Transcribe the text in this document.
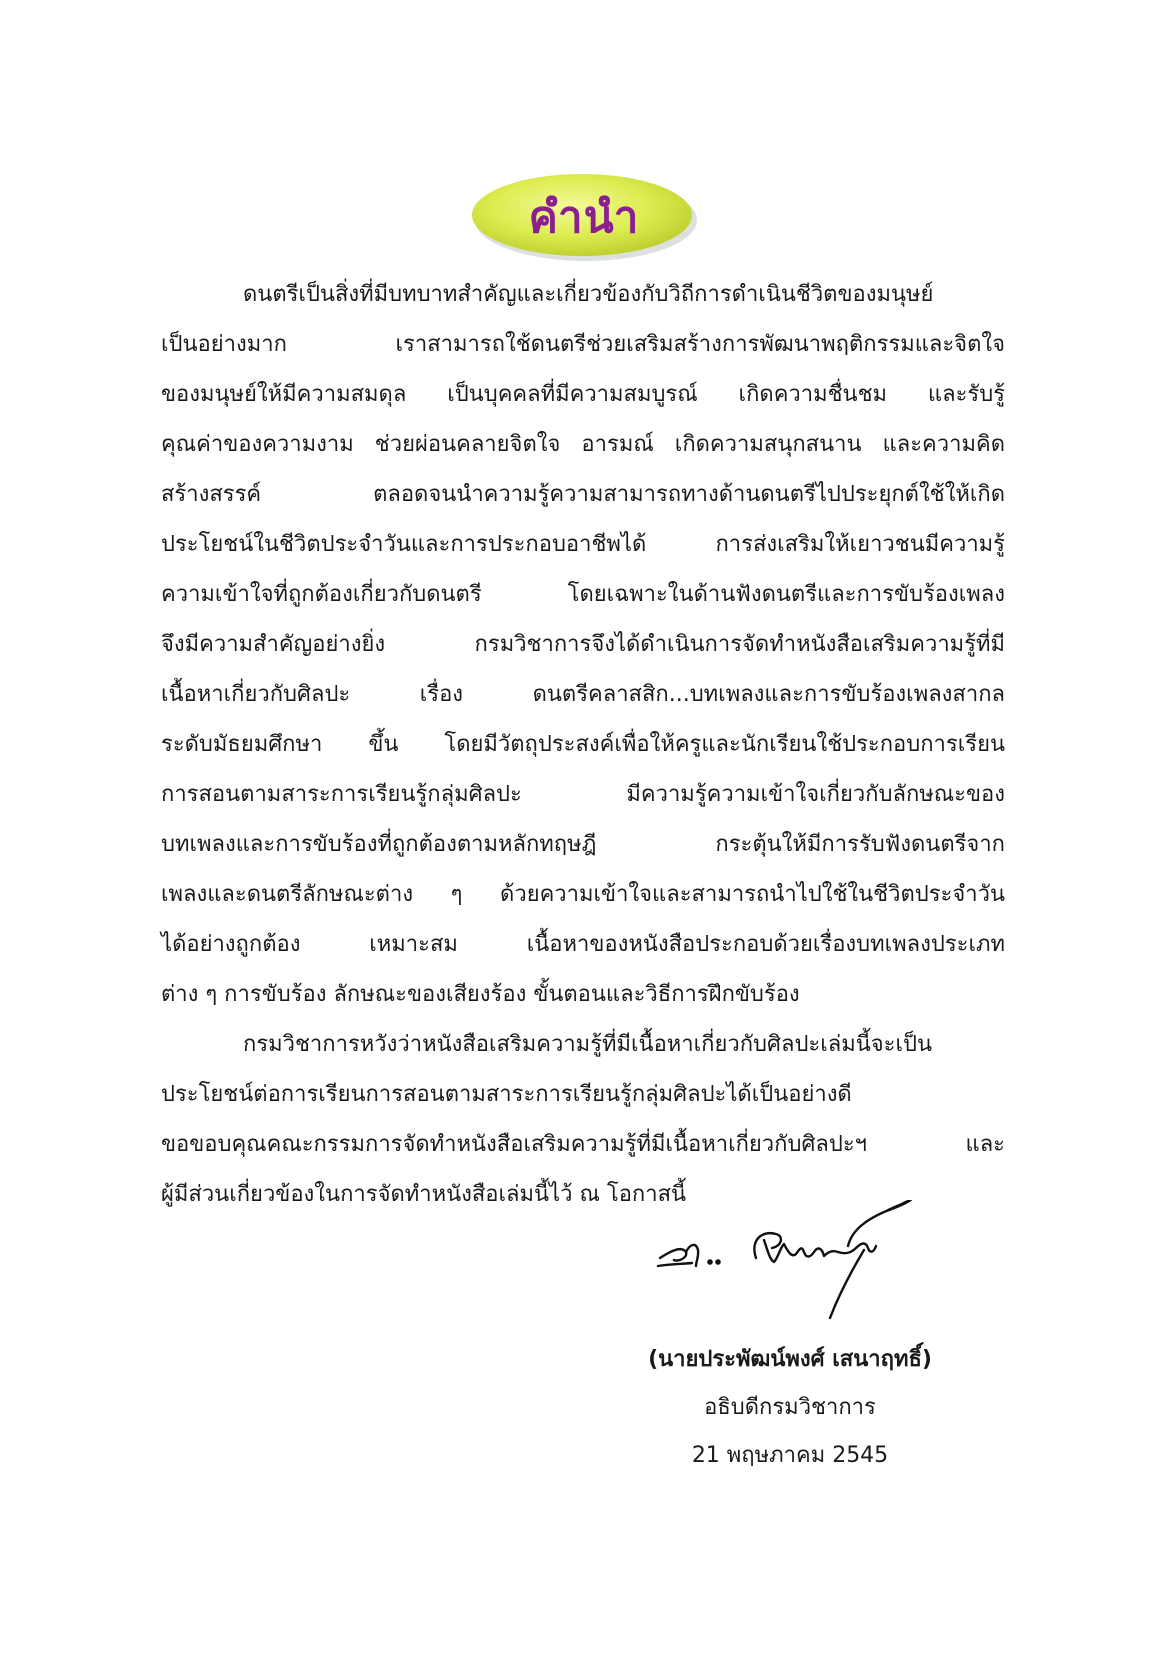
คำนำ
ดนตรีเป็นสิ่งที่มีบทบาทสำคัญและเกี่ยวข้องกับวิถีการดำเนินชีวิตของมนุษย์
เป็นอย่างมาก เราสามารถใช้ดนตรีช่วยเสริมสร้างการพัฒนาพฤติกรรมและจิตใจ
ของมนุษย์ให้มีความสมดุล เป็นบุคคลที่มีความสมบูรณ์ เกิดความชื่นชม และรับรู้
คุณค่าของความงาม ช่วยผ่อนคลายจิตใจ อารมณ์ เกิดความสนุกสนาน และความคิด
สร้างสรรค์ ตลอดจนนำความรู้ความสามารถทางด้านดนตรีไปประยุกต์ใช้ให้เกิด
ประโยชน์ในชีวิตประจำวันและการประกอบอาชีพได้ การส่งเสริมให้เยาวชนมีความรู้
ความเข้าใจที่ถูกต้องเกี่ยวกับดนตรี โดยเฉพาะในด้านฟังดนตรีและการขับร้องเพลง
จึงมีความสำคัญอย่างยิ่ง กรมวิชาการจึงได้ดำเนินการจัดทำหนังสือเสริมความรู้ที่มี
เนื้อหาเกี่ยวกับศิลปะ เรื่อง ดนตรีคลาสสิก...บทเพลงและการขับร้องเพลงสากล
ระดับมัธยมศึกษา ขึ้น โดยมีวัตถุประสงค์เพื่อให้ครูและนักเรียนใช้ประกอบการเรียน
การสอนตามสาระการเรียนรู้กลุ่มศิลปะ มีความรู้ความเข้าใจเกี่ยวกับลักษณะของ
บทเพลงและการขับร้องที่ถูกต้องตามหลักทฤษฎี กระตุ้นให้มีการรับฟังดนตรีจาก
เพลงและดนตรีลักษณะต่าง ๆ ด้วยความเข้าใจและสามารถนำไปใช้ในชีวิตประจำวัน
ได้อย่างถูกต้อง เหมาะสม เนื้อหาของหนังสือประกอบด้วยเรื่องบทเพลงประเภท
ต่าง ๆ การขับร้อง ลักษณะของเสียงร้อง ขั้นตอนและวิธีการฝึกขับร้อง
กรมวิชาการหวังว่าหนังสือเสริมความรู้ที่มีเนื้อหาเกี่ยวกับศิลปะเล่มนี้จะเป็น
ประโยชน์ต่อการเรียนการสอนตามสาระการเรียนรู้กลุ่มศิลปะได้เป็นอย่างดี
ขอขอบคุณคณะกรรมการจัดทำหนังสือเสริมความรู้ที่มีเนื้อหาเกี่ยวกับศิลปะฯ และ
ผู้มีส่วนเกี่ยวข้องในการจัดทำหนังสือเล่มนี้ไว้ ณ โอกาสนี้
(นายประพัฒน์พงศ์ เสนาฤทธิ์)
อธิบดีกรมวิชาการ
21 พฤษภาคม 2545
